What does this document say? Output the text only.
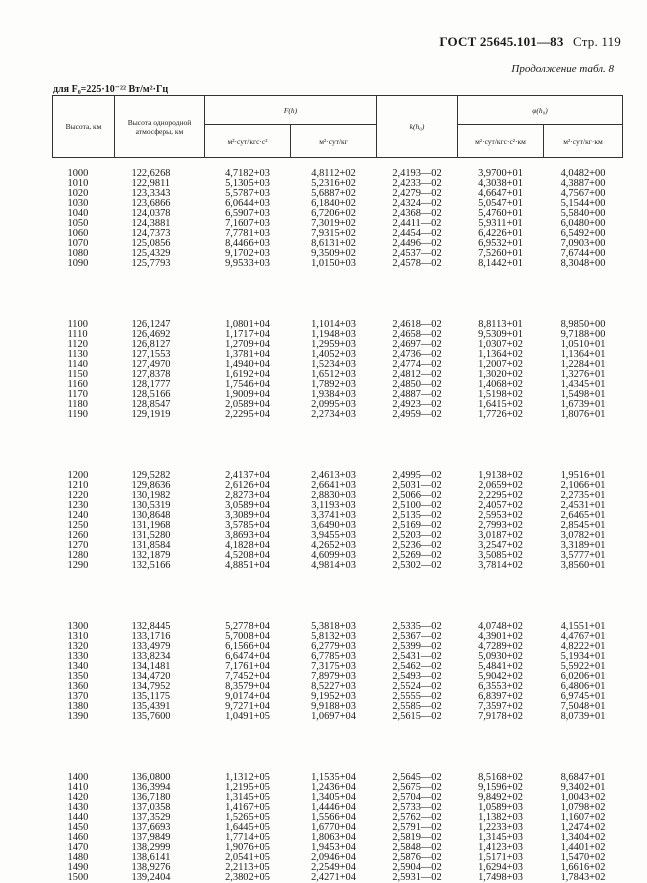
ГОСТ 25645.101—83 Стр. 119
Продолжение табл. 8
для F₀=225·10⁻²² Вт/м²·Гц
Высота, км	Высота однородной атмосферы, км	F(h)		k(h₀)	φ(h₀)	
		м²·сут/кгс·с²	м²·сут/кг		м²·сут/кгс·с²·км	м²·сут/кг·км

1000	122,6268	4,7182+03	4,8112+02	2,4193—02	3,9700+01	4,0482+00
1010	122,9811	5,1305+03	5,2316+02	2,4233—02	4,3038+01	4,3887+00
1020	123,3343	5,5787+03	5,6887+02	2,4279—02	4,6647+01	4,7567+00
1030	123,6866	6,0644+03	6,1840+02	2,4324—02	5,0547+01	5,1544+00
1040	124,0378	6,5907+03	6,7206+02	2,4368—02	5,4760+01	5,5840+00
1050	124,3881	7,1607+03	7,3019+02	2,4411—02	5,9311+01	6,0480+00
1060	124,7373	7,7781+03	7,9315+02	2,4454—02	6,4226+01	6,5492+00
1070	125,0856	8,4466+03	8,6131+02	2,4496—02	6,9532+01	7,0903+00
1080	125,4329	9,1702+03	9,3509+02	2,4537—02	7,5260+01	7,6744+00
1090	125,7793	9,9533+03	1,0150+03	2,4578—02	8,1442+01	8,3048+00

1100	126,1247	1,0801+04	1,1014+03	2,4618—02	8,8113+01	8,9850+00
1110	126,4692	1,1717+04	1,1948+03	2,4658—02	9,5309+01	9,7188+00
1120	126,8127	1,2709+04	1,2959+03	2,4697—02	1,0307+02	1,0510+01
1130	127,1553	1,3781+04	1,4052+03	2,4736—02	1,1364+02	1,1364+01
1140	127,4970	1,4940+04	1,5234+03	2,4774—02	1,2007+02	1,2284+01
1150	127,8378	1,6192+04	1,6512+03	2,4812—02	1,3020+02	1,3276+01
1160	128,1777	1,7546+04	1,7892+03	2,4850—02	1,4068+02	1,4345+01
1170	128,5166	1,9009+04	1,9384+03	2,4887—02	1,5198+02	1,5498+01
1180	128,8547	2,0589+04	2,0995+03	2,4923—02	1,6415+02	1,6739+01
1190	129,1919	2,2295+04	2,2734+03	2,4959—02	1,7726+02	1,8076+01

1200	129,5282	2,4137+04	2,4613+03	2,4995—02	1,9138+02	1,9516+01
1210	129,8636	2,6126+04	2,6641+03	2,5031—02	2,0659+02	2,1066+01
1220	130,1982	2,8273+04	2,8830+03	2,5066—02	2,2295+02	2,2735+01
1230	130,5319	3,0589+04	3,1193+03	2,5100—02	2,4057+02	2,4531+01
1240	130,8648	3,3089+04	3,3741+03	2,5135—02	2,5953+02	2,6465+01
1250	131,1968	3,5785+04	3,6490+03	2,5169—02	2,7993+02	2,8545+01
1260	131,5280	3,8693+04	3,9455+03	2,5203—02	3,0187+02	3,0782+01
1270	131,8584	4,1828+04	4,2652+03	2,5236—02	3,2547+02	3,3189+01
1280	132,1879	4,5208+04	4,6099+03	2,5269—02	3,5085+02	3,5777+01
1290	132,5166	4,8851+04	4,9814+03	2,5302—02	3,7814+02	3,8560+01

1300	132,8445	5,2778+04	5,3818+03	2,5335—02	4,0748+02	4,1551+01
1310	133,1716	5,7008+04	5,8132+03	2,5367—02	4,3901+02	4,4767+01
1320	133,4979	6,1566+04	6,2779+03	2,5399—02	4,7289+02	4,8222+01
1330	133,8234	6,6474+04	6,7785+03	2,5431—02	5,0930+02	5,1934+01
1340	134,1481	7,1761+04	7,3175+03	2,5462—02	5,4841+02	5,5922+01
1350	134,4720	7,7452+04	7,8979+03	2,5493—02	5,9042+02	6,0206+01
1360	134,7952	8,3579+04	8,5227+03	2,5524—02	6,3553+02	6,4806+01
1370	135,1175	9,0174+04	9,1952+03	2,5555—02	6,8397+02	6,9745+01
1380	135,4391	9,7271+04	9,9188+03	2,5585—02	7,3597+02	7,5048+01
1390	135,7600	1,0491+05	1,0697+04	2,5615—02	7,9178+02	8,0739+01

1400	136,0800	1,1312+05	1,1535+04	2,5645—02	8,5168+02	8,6847+01
1410	136,3994	1,2195+05	1,2436+04	2,5675—02	9,1596+02	9,3402+01
1420	136,7180	1,3145+05	1,3405+04	2,5704—02	9,8492+02	1,0043+02
1430	137,0358	1,4167+05	1,4446+04	2,5733—02	1,0589+03	1,0798+02
1440	137,3529	1,5265+05	1,5566+04	2,5762—02	1,1382+03	1,1607+02
1450	137,6693	1,6445+05	1,6770+04	2,5791—02	1,2233+03	1,2474+02
1460	137,9849	1,7714+05	1,8063+04	2,5819—02	1,3145+03	1,3404+02
1470	138,2999	1,9076+05	1,9453+04	2,5848—02	1,4123+03	1,4401+02
1480	138,6141	2,0541+05	2,0946+04	2,5876—02	1,5171+03	1,5470+02
1490	138,9276	2,2113+05	2,2549+04	2,5904—02	1,6294+03	1,6616+02
1500	139,2404	2,3802+05	2,4271+04	2,5931—02	1,7498+03	1,7843+02
